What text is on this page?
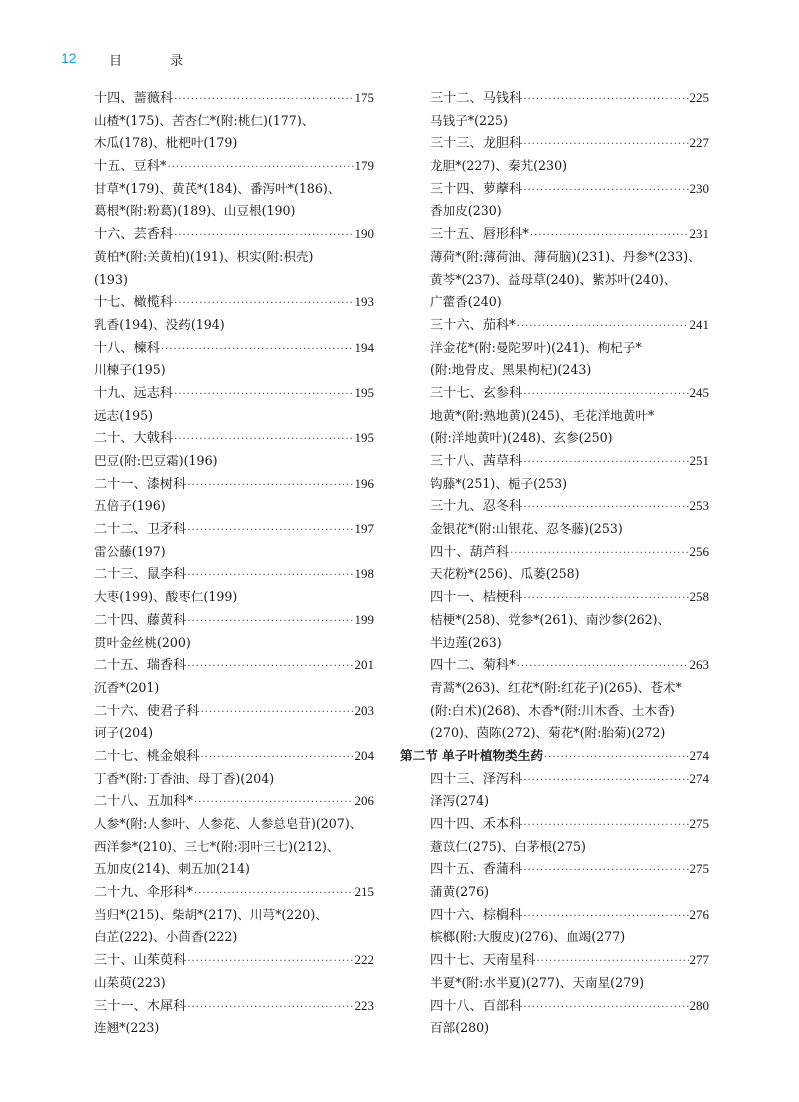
12 目 录
十四、蔷薇科 ·····	175
山楂*(175)、苦杏仁*(附:桃仁)(177)、
木瓜(178)、枇杷叶(179)
十五、豆科* ·····	179
甘草*(179)、黄芪*(184)、番泻叶*(186)、
葛根*(附:粉葛)(189)、山豆根(190)
十六、芸香科 ·····	190
黄柏*(附:关黄柏)(191)、枳实(附:枳壳)
(193)
十七、橄榄科 ·····	193
乳香(194)、没药(194)
十八、楝科 ·····	194
川楝子(195)
十九、远志科 ·····	195
远志(195)
二十、大戟科 ·····	195
巴豆(附:巴豆霜)(196)
二十一、漆树科 ·····	196
五倍子(196)
二十二、卫矛科 ·····	197
雷公藤(197)
二十三、鼠李科 ·····	198
大枣(199)、酸枣仁(199)
二十四、藤黄科 ·····	199
贯叶金丝桃(200)
二十五、瑞香科 ·····	201
沉香*(201)
二十六、使君子科 ·····	203
诃子(204)
二十七、桃金娘科 ·····	204
丁香*(附:丁香油、母丁香)(204)
二十八、五加科* ·····	206
人参*(附:人参叶、人参花、人参总皂苷)(207)、
西洋参*(210)、三七*(附:羽叶三七)(212)、
五加皮(214)、刺五加(214)
二十九、伞形科* ·····	215
当归*(215)、柴胡*(217)、川芎*(220)、
白芷(222)、小茴香(222)
三十、山茱萸科 ·····	222
山茱萸(223)
三十一、木犀科 ·····	223
连翘*(223)
三十二、马钱科 ·····	225
马钱子*(225)
三十三、龙胆科 ·····	227
龙胆*(227)、秦艽(230)
三十四、萝藦科 ·····	230
香加皮(230)
三十五、唇形科* ·····	231
薄荷*(附:薄荷油、薄荷脑)(231)、丹参*(233)、
黄芩*(237)、益母草(240)、紫苏叶(240)、
广藿香(240)
三十六、茄科* ·····	241
洋金花*(附:曼陀罗叶)(241)、枸杞子*
(附:地骨皮、黑果枸杞)(243)
三十七、玄参科 ·····	245
地黄*(附:熟地黄)(245)、毛花洋地黄叶*
(附:洋地黄叶)(248)、玄参(250)
三十八、茜草科 ·····	251
钩藤*(251)、栀子(253)
三十九、忍冬科 ·····	253
金银花*(附:山银花、忍冬藤)(253)
四十、葫芦科 ·····	256
天花粉*(256)、瓜蒌(258)
四十一、桔梗科 ·····	258
桔梗*(258)、党参*(261)、南沙参(262)、
半边莲(263)
四十二、菊科* ·····	263
青蒿*(263)、红花*(附:红花子)(265)、苍术*
(附:白术)(268)、木香*(附:川木香、土木香)
(270)、茵陈(272)、菊花*(附:胎菊)(272)
第二节 单子叶植物类生药 ·····	274
四十三、泽泻科 ·····	274
泽泻(274)
四十四、禾本科 ·····	275
薏苡仁(275)、白茅根(275)
四十五、香蒲科 ·····	275
蒲黄(276)
四十六、棕榈科 ·····	276
槟榔(附:大腹皮)(276)、血竭(277)
四十七、天南星科 ·····	277
半夏*(附:水半夏)(277)、天南星(279)
四十八、百部科 ·····	280
百部(280)
